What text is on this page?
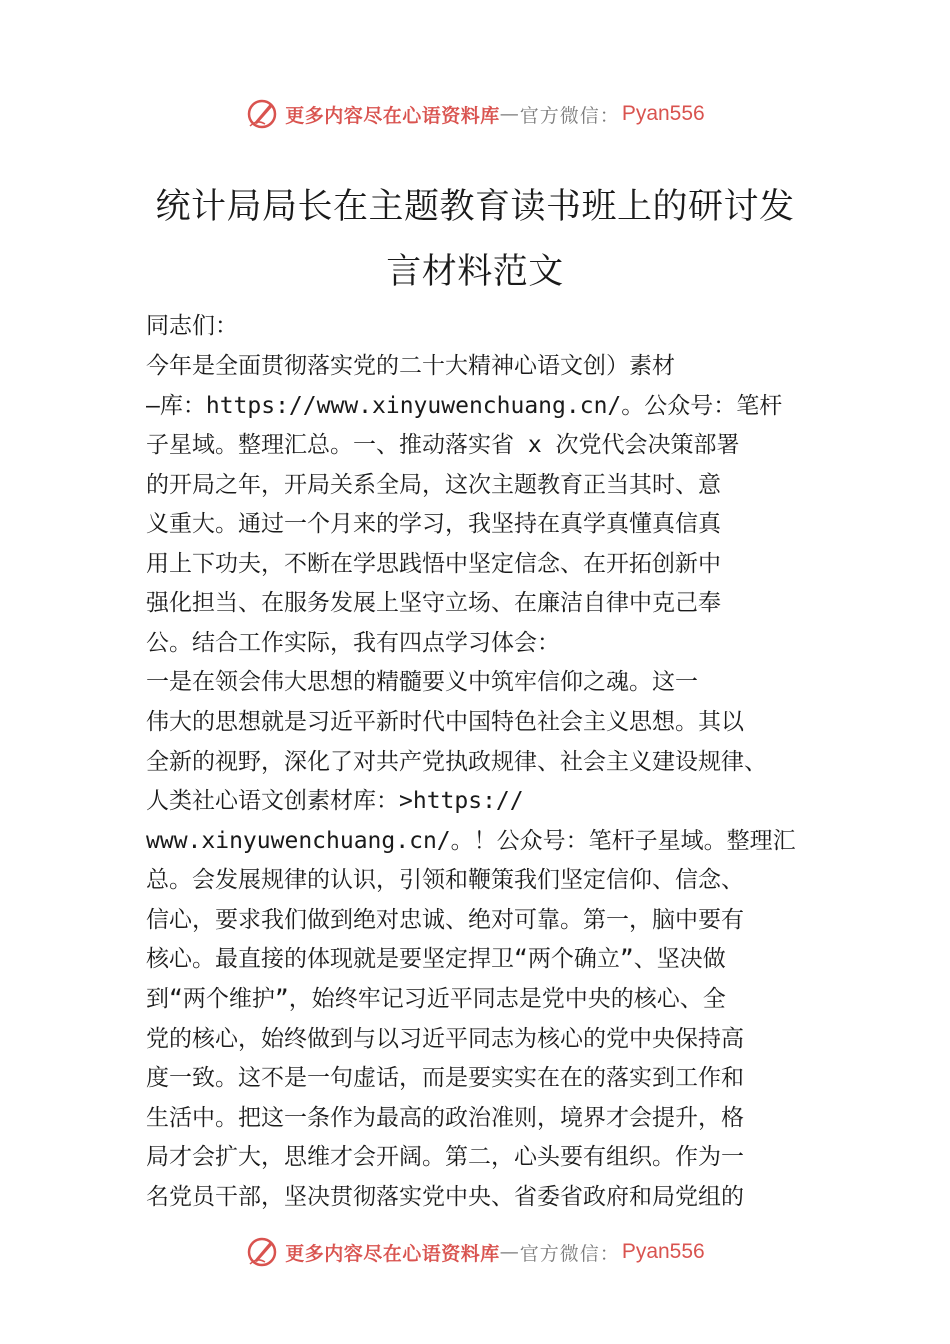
更多内容尽在心语资料库 — 官方微信： Pyan556
统计局局长在主题教育读书班上的研讨发
言材料范文
同志们：
今年是全面贯彻落实党的二十大精神心语文创）素材
—库：https://www.xinyuwenchuang.cn/。公众号：笔杆
子星域。整理汇总。一、推动落实省 x 次党代会决策部署
的开局之年，开局关系全局，这次主题教育正当其时、意
义重大。通过一个月来的学习，我坚持在真学真懂真信真
用上下功夫，不断在学思践悟中坚定信念、在开拓创新中
强化担当、在服务发展上坚守立场、在廉洁自律中克己奉
公。结合工作实际，我有四点学习体会：
一是在领会伟大思想的精髓要义中筑牢信仰之魂。这一
伟大的思想就是习近平新时代中国特色社会主义思想。其以
全新的视野，深化了对共产党执政规律、社会主义建设规律、
人类社心语文创素材库：>https://
www.xinyuwenchuang.cn/。！公众号：笔杆子星域。整理汇
总。会发展规律的认识，引领和鞭策我们坚定信仰、信念、
信心，要求我们做到绝对忠诚、绝对可靠。第一，脑中要有
核心。最直接的体现就是要坚定捍卫“两个确立”、坚决做
到“两个维护”，始终牢记习近平同志是党中央的核心、全
党的核心，始终做到与以习近平同志为核心的党中央保持高
度一致。这不是一句虚话，而是要实实在在的落实到工作和
生活中。把这一条作为最高的政治准则，境界才会提升，格
局才会扩大，思维才会开阔。第二，心头要有组织。作为一
名党员干部，坚决贯彻落实党中央、省委省政府和局党组的
更多内容尽在心语资料库 — 官方微信： Pyan556
